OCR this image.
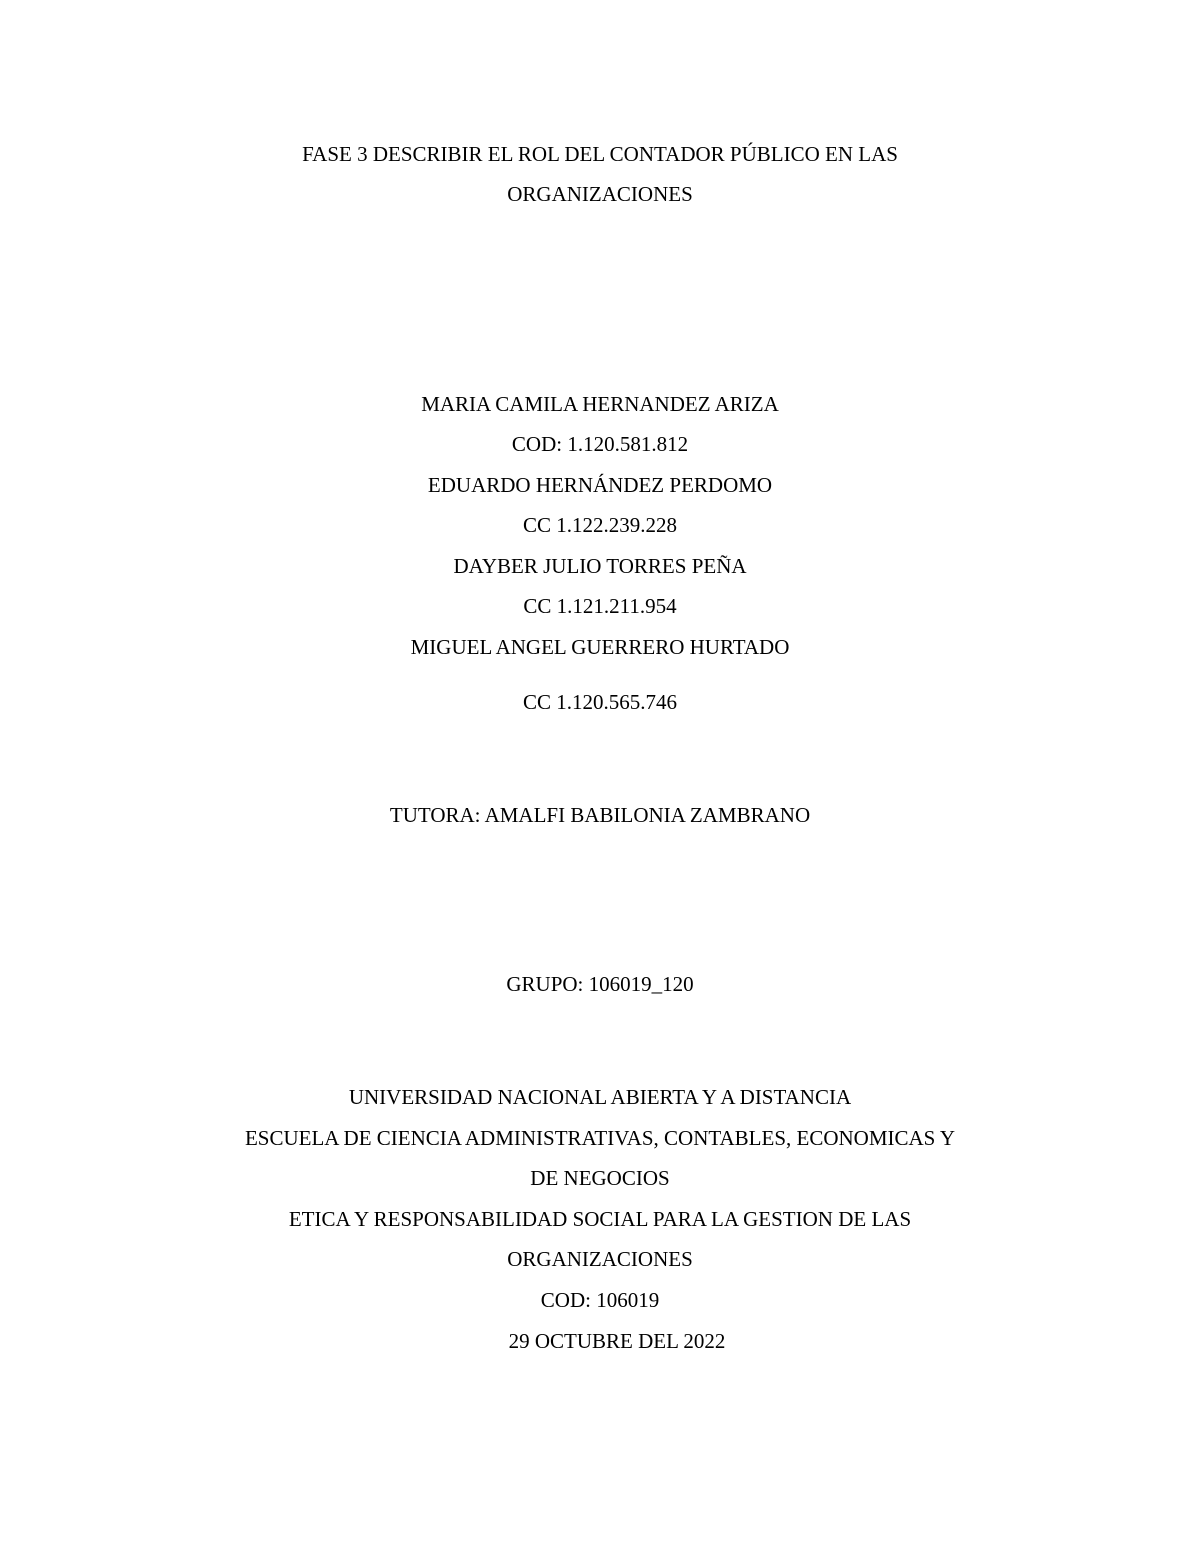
FASE 3 DESCRIBIR EL ROL DEL CONTADOR PÚBLICO EN LAS
ORGANIZACIONES
MARIA CAMILA HERNANDEZ ARIZA
COD: 1.120.581.812
EDUARDO HERNÁNDEZ PERDOMO
CC 1.122.239.228
DAYBER JULIO TORRES PEÑA
CC 1.121.211.954
MIGUEL ANGEL GUERRERO HURTADO
CC 1.120.565.746
TUTORA: AMALFI BABILONIA ZAMBRANO
GRUPO: 106019_120
UNIVERSIDAD NACIONAL ABIERTA Y A DISTANCIA
ESCUELA DE CIENCIA ADMINISTRATIVAS, CONTABLES, ECONOMICAS Y
DE NEGOCIOS
ETICA Y RESPONSABILIDAD SOCIAL PARA LA GESTION DE LAS
ORGANIZACIONES
COD: 106019
29 OCTUBRE DEL 2022
